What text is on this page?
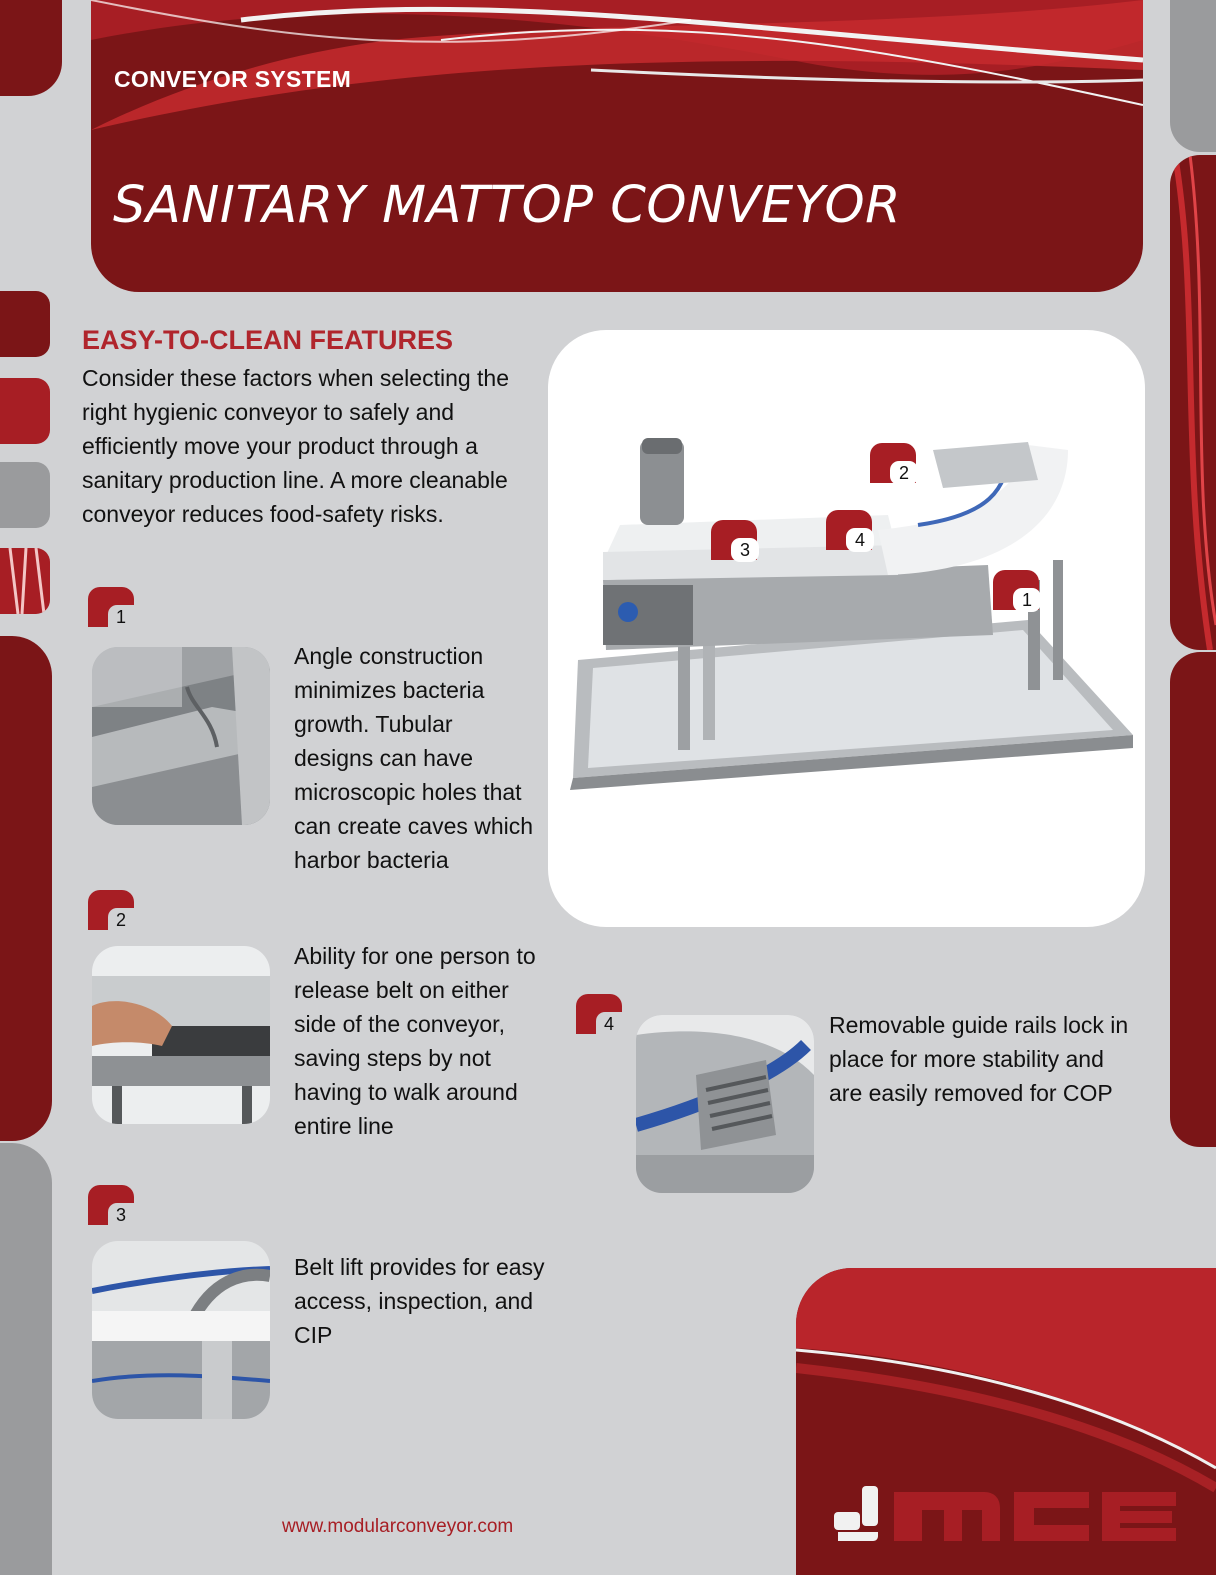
CONVEYOR SYSTEM
SANITARY MATTOP CONVEYOR
EASY-TO-CLEAN FEATURES
Consider these factors when selecting the right hygienic conveyor to safely and efficiently move your product through a sanitary production line. A more cleanable conveyor reduces food-safety risks.
1
Angle construction minimizes bacteria growth. Tubular designs can have microscopic holes that can create caves which harbor bacteria
2
Ability for one person to release belt on either side of the conveyor, saving steps by not having to walk around entire line
3
Belt lift provides for easy access, inspection, and CIP
2
3	4
1
4	Removable guide rails lock in place for more stability and are easily removed for COP
www.modularconveyor.com
